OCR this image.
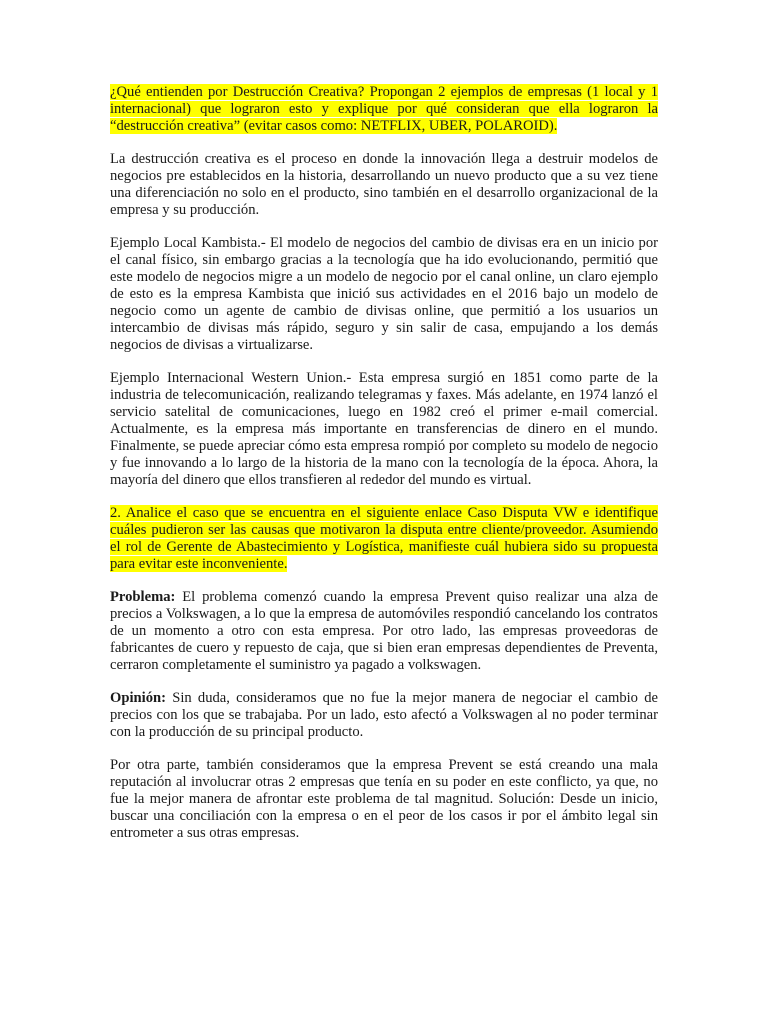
¿Qué entienden por Destrucción Creativa? Propongan 2 ejemplos de empresas (1 local y 1 internacional) que lograron esto y explique por qué consideran que ella lograron la “destrucción creativa” (evitar casos como: NETFLIX, UBER, POLAROID).

La destrucción creativa es el proceso en donde la innovación llega a destruir modelos de negocios pre establecidos en la historia, desarrollando un nuevo producto que a su vez tiene una diferenciación no solo en el producto, sino también en el desarrollo organizacional de la empresa y su producción.

Ejemplo Local Kambista.- El modelo de negocios del cambio de divisas era en un inicio por el canal físico, sin embargo gracias a la tecnología que ha ido evolucionando, permitió que este modelo de negocios migre a un modelo de negocio por el canal online, un claro ejemplo de esto es la empresa Kambista que inició sus actividades en el 2016 bajo un modelo de negocio como un agente de cambio de divisas online, que permitió a los usuarios un intercambio de divisas más rápido, seguro y sin salir de casa, empujando a los demás negocios de divisas a virtualizarse.

Ejemplo Internacional Western Union.- Esta empresa surgió en 1851 como parte de la industria de telecomunicación, realizando telegramas y faxes. Más adelante, en 1974 lanzó el servicio satelital de comunicaciones, luego en 1982 creó el primer e-mail comercial. Actualmente, es la empresa más importante en transferencias de dinero en el mundo. Finalmente, se puede apreciar cómo esta empresa rompió por completo su modelo de negocio y fue innovando a lo largo de la historia de la mano con la tecnología de la época. Ahora, la mayoría del dinero que ellos transfieren al rededor del mundo es virtual.

2. Analice el caso que se encuentra en el siguiente enlace Caso Disputa VW e identifique cuáles pudieron ser las causas que motivaron la disputa entre cliente/proveedor. Asumiendo el rol de Gerente de Abastecimiento y Logística, manifieste cuál hubiera sido su propuesta para evitar este inconveniente.

Problema: El problema comenzó cuando la empresa Prevent quiso realizar una alza de precios a Volkswagen, a lo que la empresa de automóviles respondió cancelando los contratos de un momento a otro con esta empresa. Por otro lado, las empresas proveedoras de fabricantes de cuero y repuesto de caja, que si bien eran empresas dependientes de Preventa, cerraron completamente el suministro ya pagado a volkswagen.

Opinión: Sin duda, consideramos que no fue la mejor manera de negociar el cambio de precios con los que se trabajaba. Por un lado, esto afectó a Volkswagen al no poder terminar con la producción de su principal producto.

Por otra parte, también consideramos que la empresa Prevent se está creando una mala reputación al involucrar otras 2 empresas que tenía en su poder en este conflicto, ya que, no fue la mejor manera de afrontar este problema de tal magnitud. Solución: Desde un inicio, buscar una conciliación con la empresa o en el peor de los casos ir por el ámbito legal sin entrometer a sus otras empresas.
